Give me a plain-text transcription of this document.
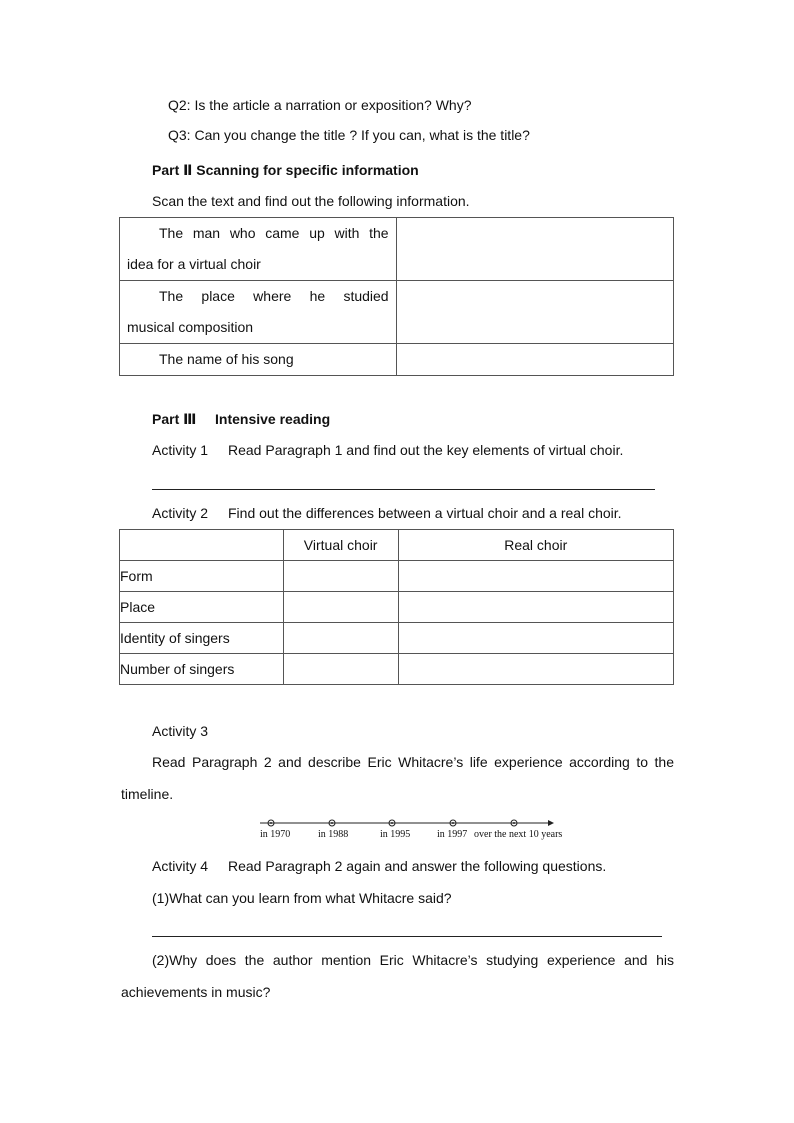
Q2: Is the article a narration or exposition? Why?
Q3: Can you change the title ? If you can, what is the title?
Part Ⅱ Scanning for specific information
Scan the text and find out the following information.
The man who came up with the
idea for a virtual choir	

The place where he studied
musical composition	

The name of his song	
Part Ⅲ Intensive reading
Activity 1 Read Paragraph 1 and find out the key elements of virtual choir.
Activity 2 Find out the differences between a virtual choir and a real choir.
	Virtual choir	Real choir
Form		
Place		
Identity of singers		
Number of singers		
Activity 3
Read Paragraph 2 and describe Eric Whitacre’s life experience according to the
timeline.
in 1970	in 1988	in 1995	in 1997 over the next 10 years
Activity 4 Read Paragraph 2 again and answer the following questions.
(1)What can you learn from what Whitacre said?
(2)Why does the author mention Eric Whitacre’s studying experience and his
achievements in music?
